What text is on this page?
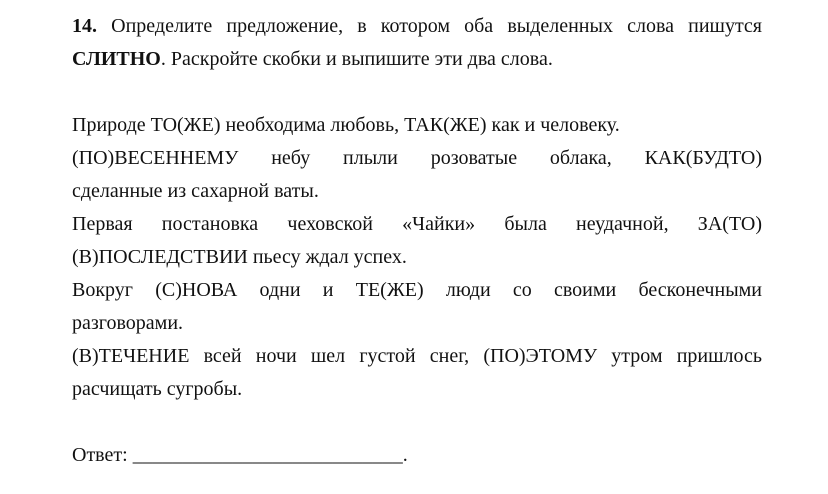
14. Определите предложение, в котором оба выделенных слова пишутся
СЛИТНО. Раскройте скобки и выпишите эти два слова.
Природе ТО(ЖЕ) необходима любовь, ТАК(ЖЕ) как и человеку.
(ПО)ВЕСЕННЕМУ небу плыли розоватые облака, КАК(БУДТО)
сделанные из сахарной ваты.
Первая постановка чеховской «Чайки» была неудачной, ЗА(ТО)
(В)ПОСЛЕДСТВИИ пьесу ждал успех.
Вокруг (С)НОВА одни и ТЕ(ЖЕ) люди со своими бесконечными
разговорами.
(В)ТЕЧЕНИЕ всей ночи шел густой снег, (ПО)ЭТОМУ утром пришлось
расчищать сугробы.
Ответ: ___________________________.
